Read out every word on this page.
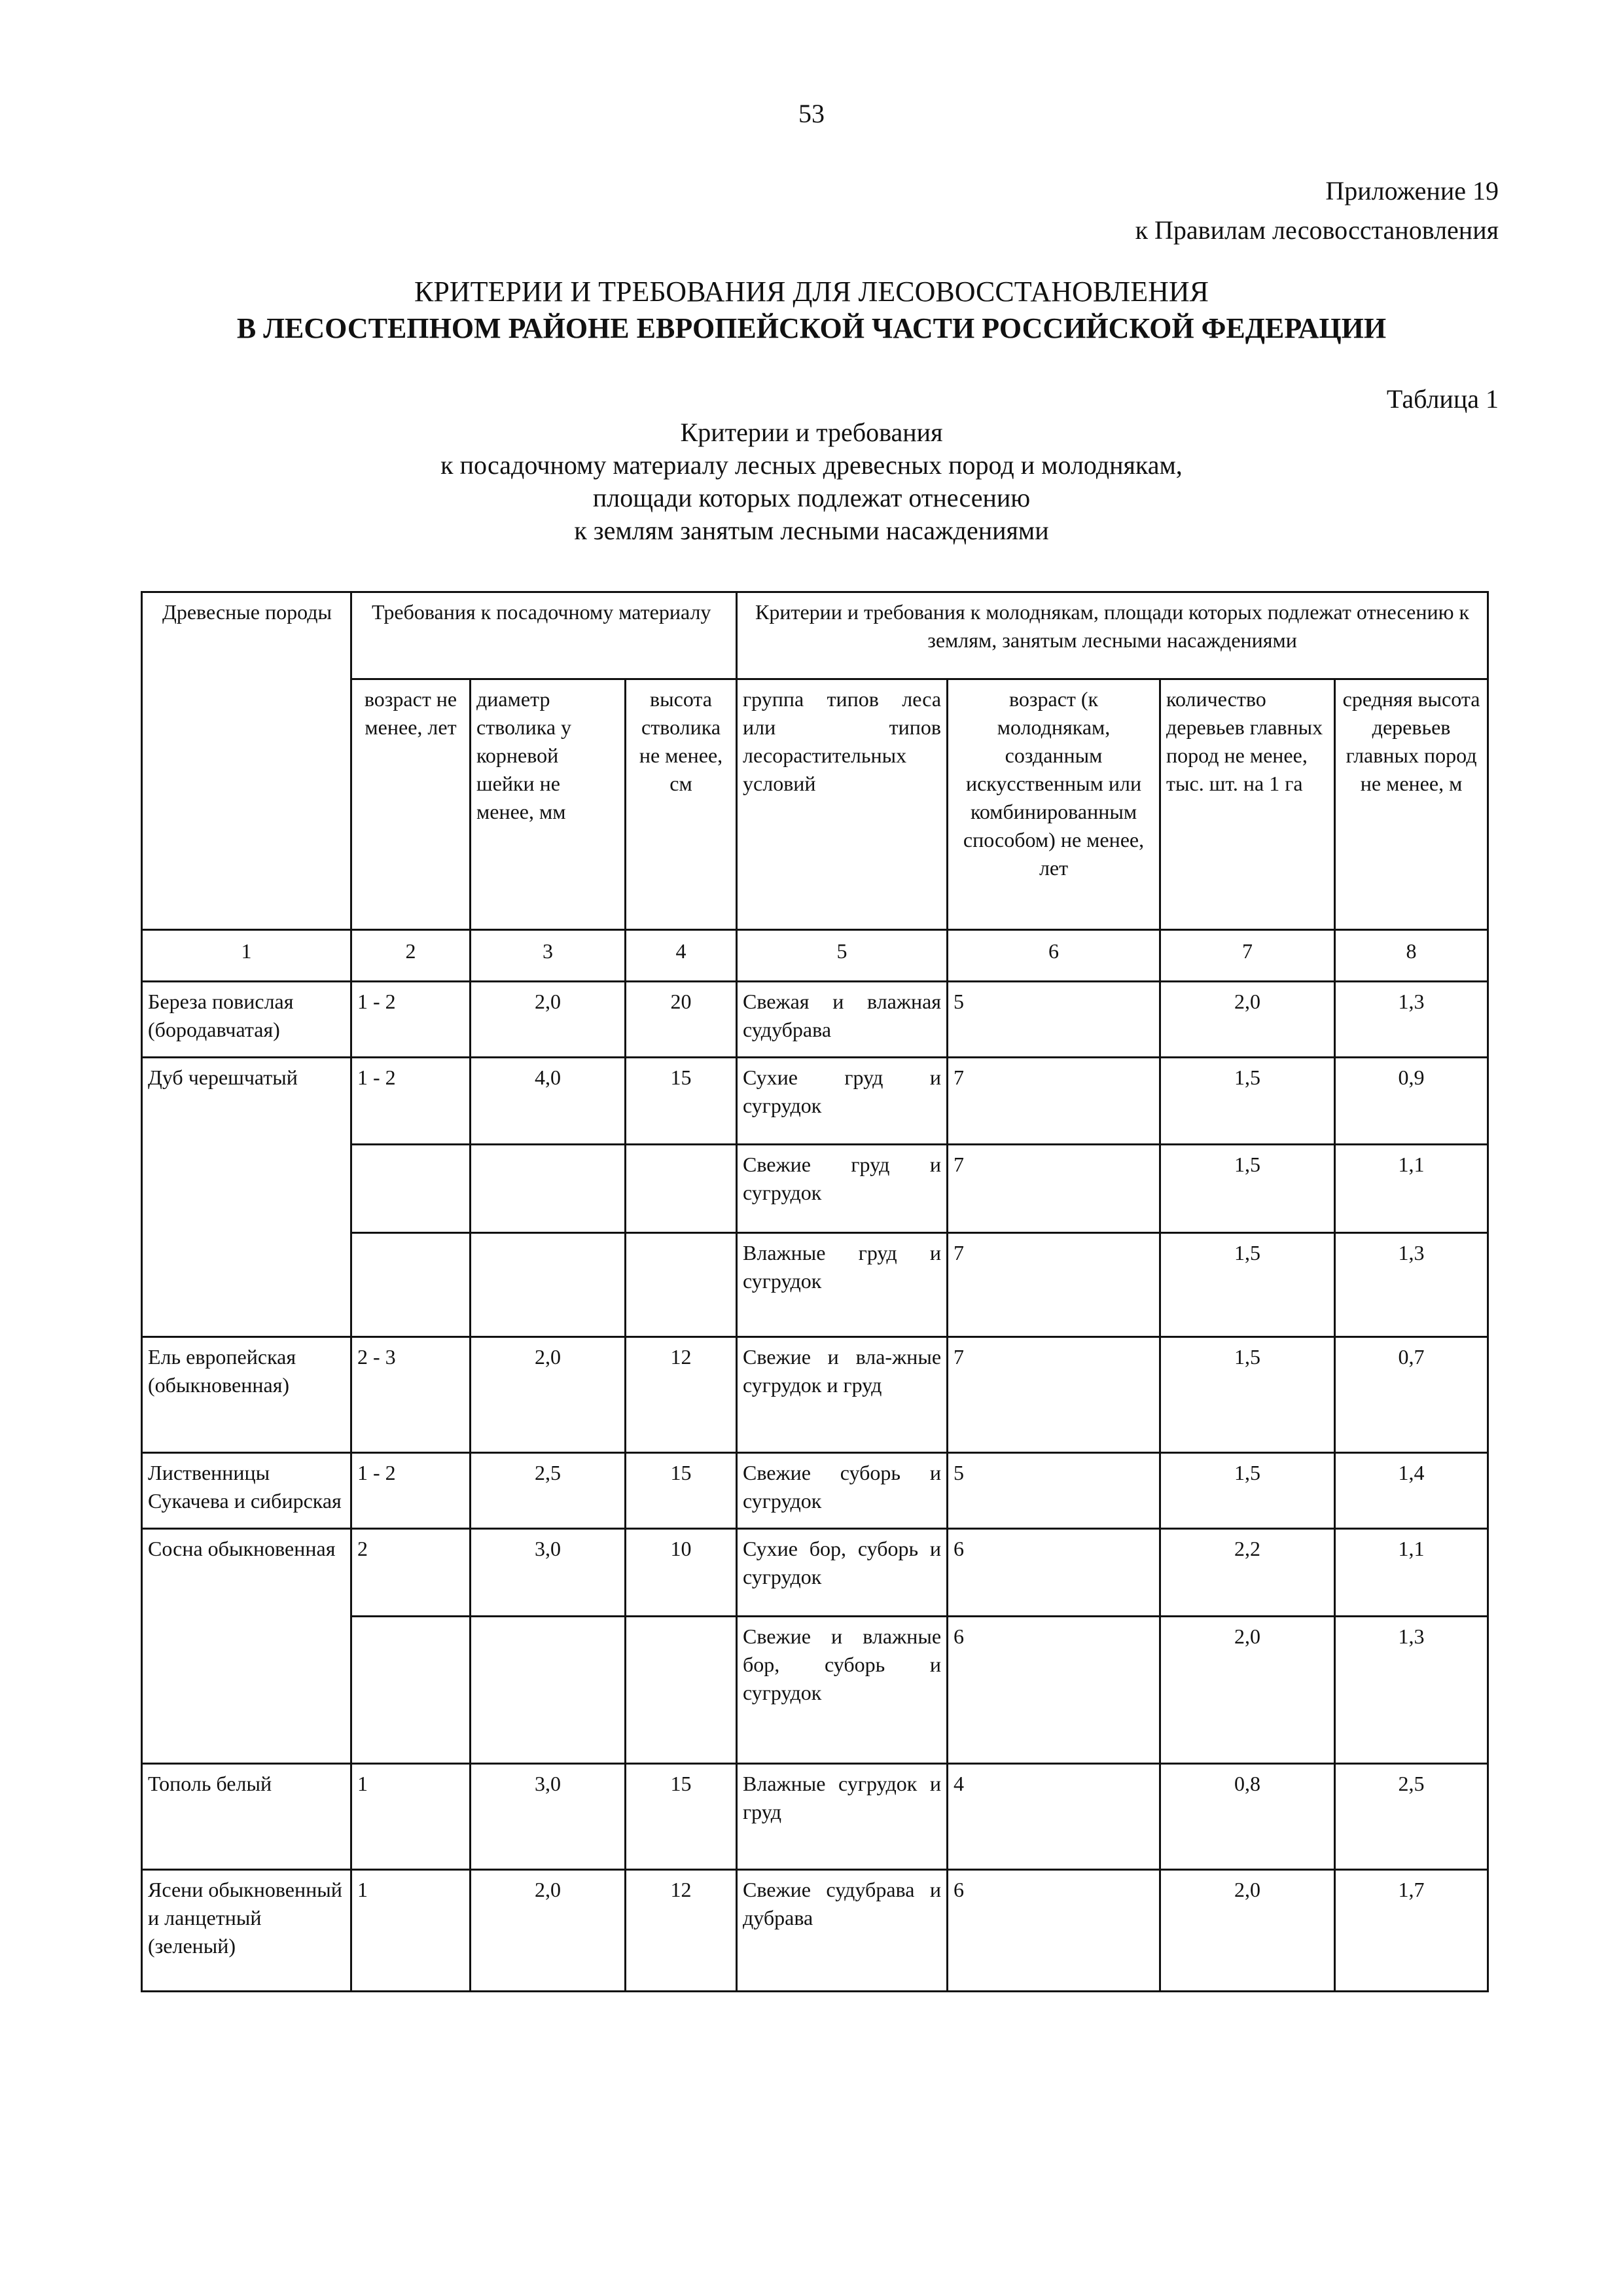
53
Приложение 19
к Правилам лесовосстановления
КРИТЕРИИ И ТРЕБОВАНИЯ ДЛЯ ЛЕСОВОССТАНОВЛЕНИЯ
В ЛЕСОСТЕПНОМ РАЙОНЕ ЕВРОПЕЙСКОЙ ЧАСТИ РОССИЙСКОЙ ФЕДЕРАЦИИ
Таблица 1
Критерии и требования
к посадочному материалу лесных древесных пород и молоднякам,
площади которых подлежат отнесению
к землям занятым лесными насаждениями
Древесные породы	Требования к посадочному материалу			Критерии и требования к молоднякам, площади которых подлежат отнесению к землям, занятым лесными насаждениями			
	возраст не менее, лет	диаметр стволика у корневой шейки не менее, мм	высота стволика не менее, см	группа типов леса или типов лесорастительных условий	возраст (к молоднякам, созданным искусственным или комбинированным способом) не менее, лет	количество деревьев главных пород не менее, тыс. шт. на 1 га	средняя высота деревьев главных пород не менее, м
1	2	3	4	5	6	7	8
Береза повислая (бородавчатая)	1 - 2	2,0	20	Свежая и влажная судубрава	5	2,0	1,3
Дуб черешчатый	1 - 2	4,0	15	Сухие груд и сугрудок	7	1,5	0,9
				Свежие груд и сугрудок	7	1,5	1,1
				Влажные груд и сугрудок	7	1,5	1,3
Ель европейская (обыкновенная)	2 - 3	2,0	12	Свежие и вла-жные сугрудок и груд	7	1,5	0,7
Лиственницы Сукачева и сибирская	1 - 2	2,5	15	Свежие суборь и сугрудок	5	1,5	1,4
Сосна обыкновенная	2	3,0	10	Сухие бор, суборь и сугрудок	6	2,2	1,1
				Свежие и влажные бор, суборь и сугрудок	6	2,0	1,3
Тополь белый	1	3,0	15	Влажные сугрудок и груд	4	0,8	2,5
Ясени обыкновенный и ланцетный (зеленый)	1	2,0	12	Свежие судубрава и дубрава	6	2,0	1,7
